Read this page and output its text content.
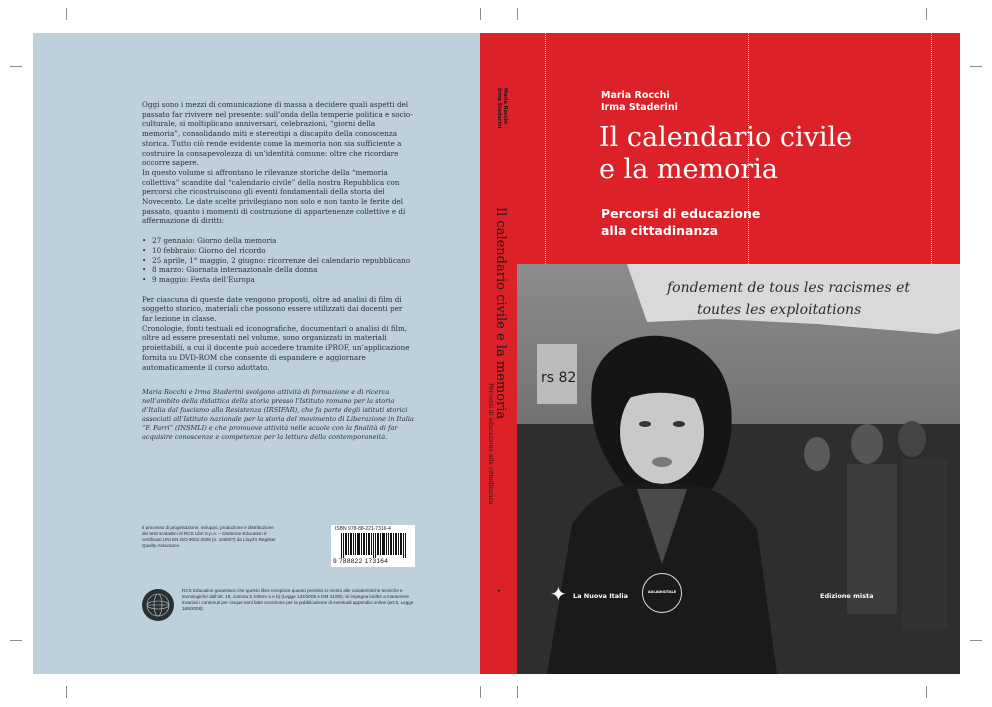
Oggi sono i mezzi di comunicazione di massa a decidere quali aspetti del passato far rivivere nel presente: sull’onda della temperie politica e socio-culturale, si moltiplicano anniversari, celebrazioni, “giorni della memoria”, consolidando miti e stereotipi a discapito della conoscenza storica. Tutto ciò rende evidente come la memoria non sia sufficiente a costruire la consapevolezza di un’identità comune: oltre che ricordare occorre sapere.

In questo volume si affrontano le rilevanze storiche della “memoria collettiva” scandite dal “calendario civile” della nostra Repubblica con percorsi che ricostruiscono gli eventi fondamentali della storia del Novecento. Le date scelte privilegiano non solo e non tanto le ferite del passato, quanto i momenti di costruzione di appartenenze collettive e di affermazione di diritti:

• 27 gennaio: Giorno della memoria
• 10 febbraio: Giorno del ricordo
• 25 aprile, 1° maggio, 2 giugno: ricorrenze del calendario repubblicano
• 8 marzo: Giornata internazionale della donna
• 9 maggio: Festa dell’Europa

Per ciascuna di queste date vengono proposti, oltre ad analisi di film di soggetto storico, materiali che possono essere utilizzati dai docenti per far lezione in classe.

Cronologie, fonti testuali ed iconografiche, documentari o analisi di film, oltre ad essere presentati nel volume, sono organizzati in materiali proiettabili, a cui il docente può accedere tramite iPROF, un’applicazione fornita su DVD-ROM che consente di espandere e aggiornare automaticamente il corso adottato.

Maria Rocchi e Irma Staderini svolgono attività di formazione e di ricerca nell’ambito della didattica della storia presso l’Istituto romano per la storia d’Italia dal fascismo alla Resistenza (IRSIFAR), che fa parte degli istituti storici associati all’Istituto nazionale per la storia del movimento di Liberazione in Italia “F. Parri” (INSMLI) e che promuove attività nelle scuole con la finalità di far acquisire conoscenze e competenze per la lettura della contemporaneità.

Il processo di progettazione, sviluppo, produzione e distribuzione dei testi scolastici di RCS Libri S.p.A. – Divisione Education è certificato UNI EN ISO 9001:2008 (n. 10060?) da Lloyd’s Register Quality Assurance.
ISBN 978-88-221-7316-4
9 788822 173164
RCS Education garantisce che questo libro recepisce quanto previsto in merito alle caratteristiche tecniche e tecnologiche dall’art. 15, comma 3, lettere a e b) (Legge 133/2008 e DM 41/09). Si impegna inoltre a mantenere invariati i contenuti per cinque anni fatte eccezione per la pubblicazione di eventuali appendici online (art.5, Legge 169/2008).
Maria Rocchi
Irma Staderini
Il calendario civile e la memoria
Percorsi di educazione alla cittadinanza
✦
Maria Rocchi
Irma Staderini
Il calendario civile
e la memoria
Percorsi di educazione
alla cittadinanza
fondement de tous les racismes et
toutes les exploitations
rs 82
✦ La Nuova Italia	AULADIGITALE	Edizione mista
